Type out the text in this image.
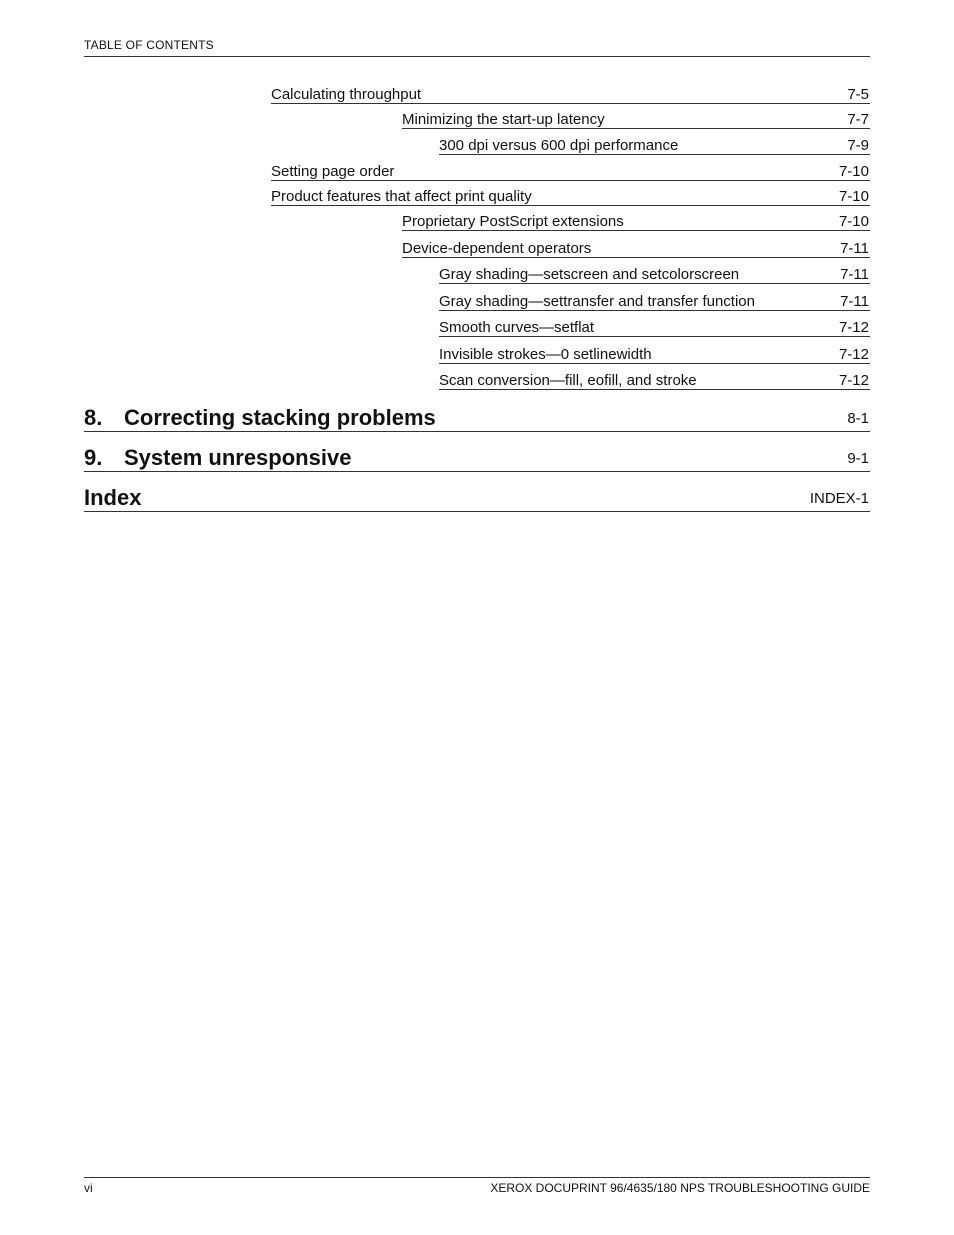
TABLE OF CONTENTS
Calculating throughput	7-5
Minimizing the start-up latency	7-7
300 dpi versus 600 dpi performance	7-9
Setting page order	7-10
Product features that affect print quality	7-10
Proprietary PostScript extensions	7-10
Device-dependent operators	7-11
Gray shading—setscreen and setcolorscreen	7-11
Gray shading—settransfer and transfer function	7-11
Smooth curves—setflat	7-12
Invisible strokes—0 setlinewidth	7-12
Scan conversion—fill, eofill, and stroke	7-12
8. Correcting stacking problems	8-1
9. System unresponsive	9-1
Index	INDEX-1
vi	XEROX DOCUPRINT 96/4635/180 NPS TROUBLESHOOTING GUIDE
